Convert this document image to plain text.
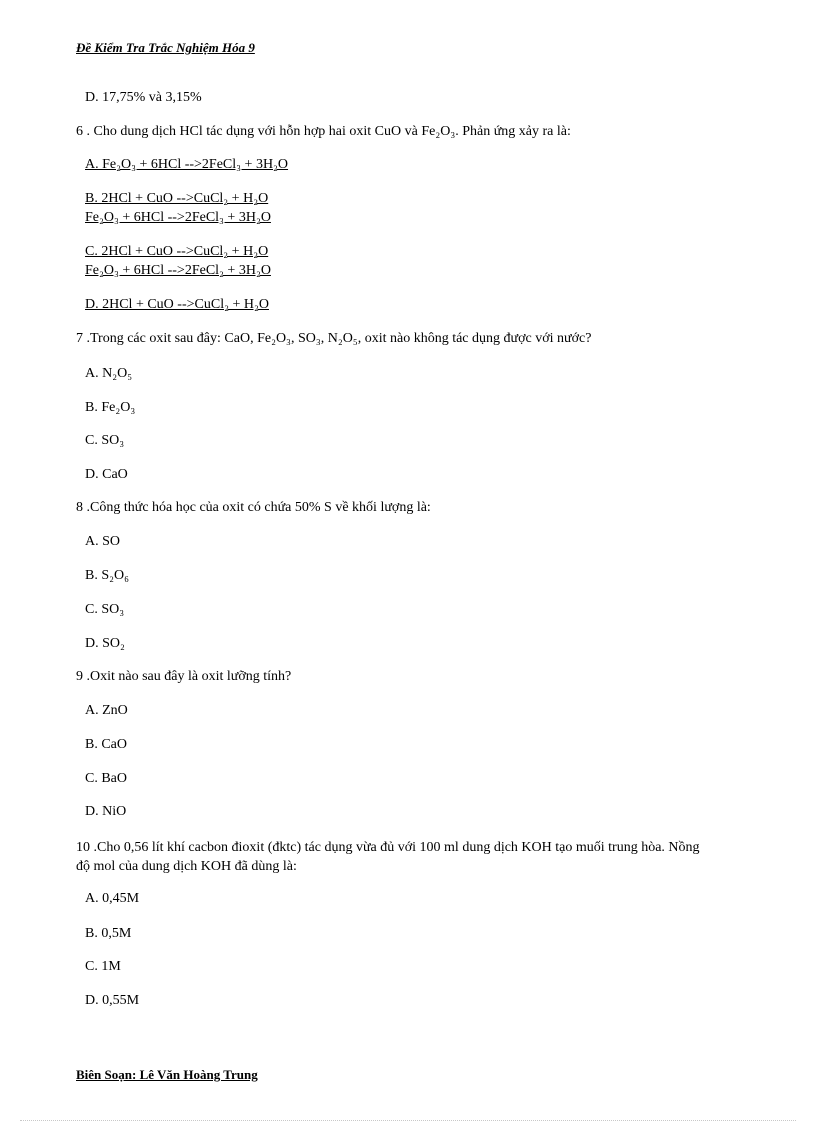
Đề Kiểm Tra Trắc Nghiệm Hóa 9
D. 17,75% và 3,15%
6 . Cho dung dịch HCl tác dụng với hỗn hợp hai oxit CuO và Fe₂O₃. Phản ứng xảy ra là:
A. Fe₂O₃ + 6HCl -->2FeCl₃ + 3H₂O
B. 2HCl + CuO -->CuCl₂ + H₂O
Fe₂O₃ + 6HCl -->2FeCl₃ + 3H₂O
C. 2HCl + CuO -->CuCl₂ + H₂O
Fe₂O₃ + 6HCl -->2FeCl₂ + 3H₂O
D. 2HCl + CuO -->CuCl₂ + H₂O
7 .Trong các oxit sau đây: CaO, Fe₂O₃, SO₃, N₂O₅, oxit nào không tác dụng được với nước?
A. N₂O₅
B. Fe₂O₃
C. SO₃
D. CaO
8 .Công thức hóa học của oxit có chứa 50% S về khối lượng là:
A. SO
B. S₂O₆
C. SO₃
D. SO₂
9 .Oxit nào sau đây là oxit lưỡng tính?
A. ZnO
B. CaO
C. BaO
D. NiO
10 .Cho 0,56 lít khí cacbon đioxit (đktc) tác dụng vừa đủ với 100 ml dung dịch KOH tạo muối trung hòa. Nồng độ mol của dung dịch KOH đã dùng là:
A. 0,45M
B. 0,5M
C. 1M
D. 0,55M
Biên Soạn: Lê Văn Hoàng Trung
